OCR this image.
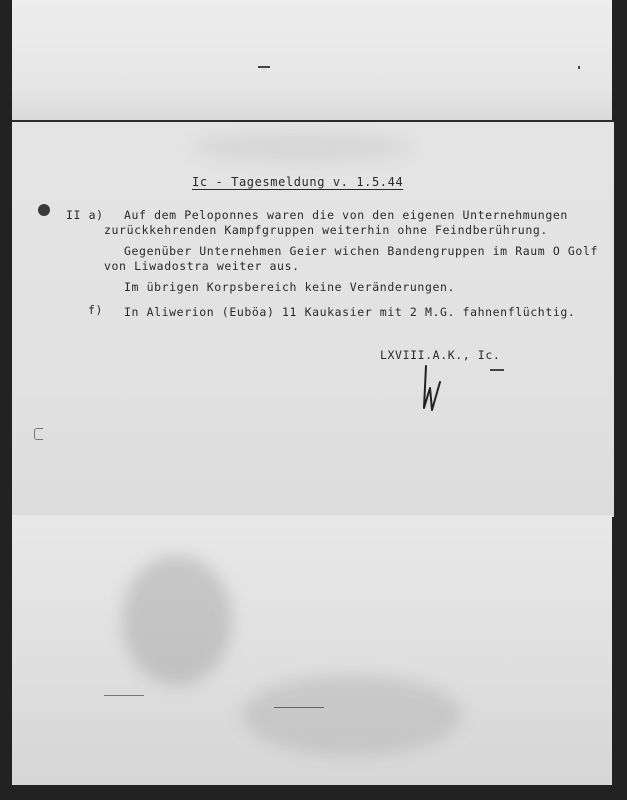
Ic - Tagesmeldung v. 1.5.44
II a) Auf dem Peloponnes waren die von den eigenen Unternehmungen
zurückkehrenden Kampfgruppen weiterhin ohne Feindberührung.
Gegenüber Unternehmen Geier wichen Bandengruppen im Raum O Golf
von Liwadostra weiter aus.
Im übrigen Korpsbereich keine Veränderungen.
f) In Aliwerion (Euböa) 11 Kaukasier mit 2 M.G. fahnenflüchtig.
LXVIII.A.K., Ic.
